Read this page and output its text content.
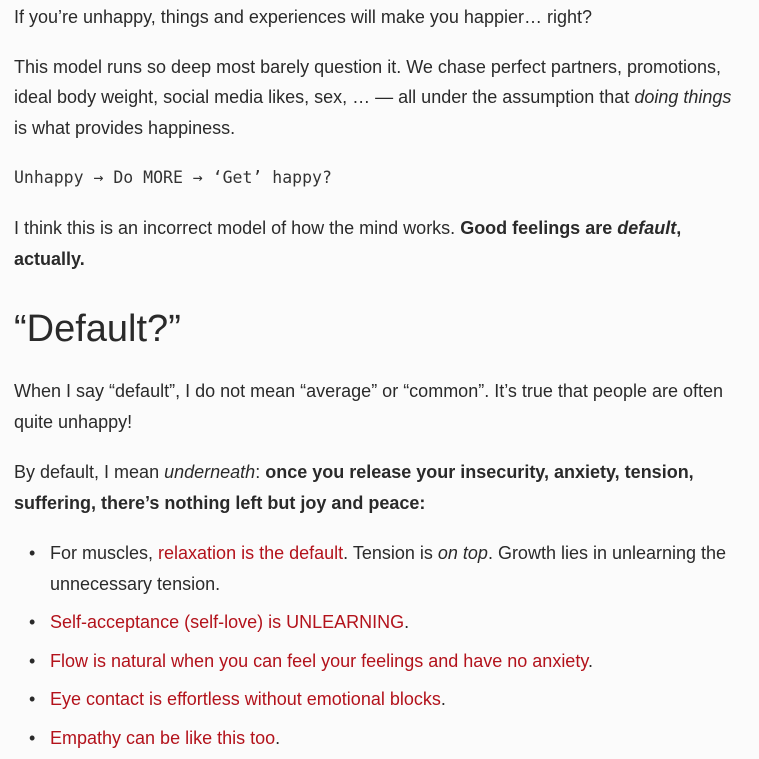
If you’re unhappy, things and experiences will make you happier… right?

This model runs so deep most barely question it. We chase perfect partners, promotions, ideal body weight, social media likes, sex, … — all under the assumption that doing things is what provides happiness.

Unhappy → Do MORE → ‘Get’ happy?

I think this is an incorrect model of how the mind works. Good feelings are default, actually.

“Default?”

When I say “default”, I do not mean “average” or “common”. It’s true that people are often quite unhappy!

By default, I mean underneath: once you release your insecurity, anxiety, tension, suffering, there’s nothing left but joy and peace:

• For muscles, relaxation is the default. Tension is on top. Growth lies in unlearning the unnecessary tension.
• Self-acceptance (self-love) is UNLEARNING.
• Flow is natural when you can feel your feelings and have no anxiety.
• Eye contact is effortless without emotional blocks.
• Empathy can be like this too.
